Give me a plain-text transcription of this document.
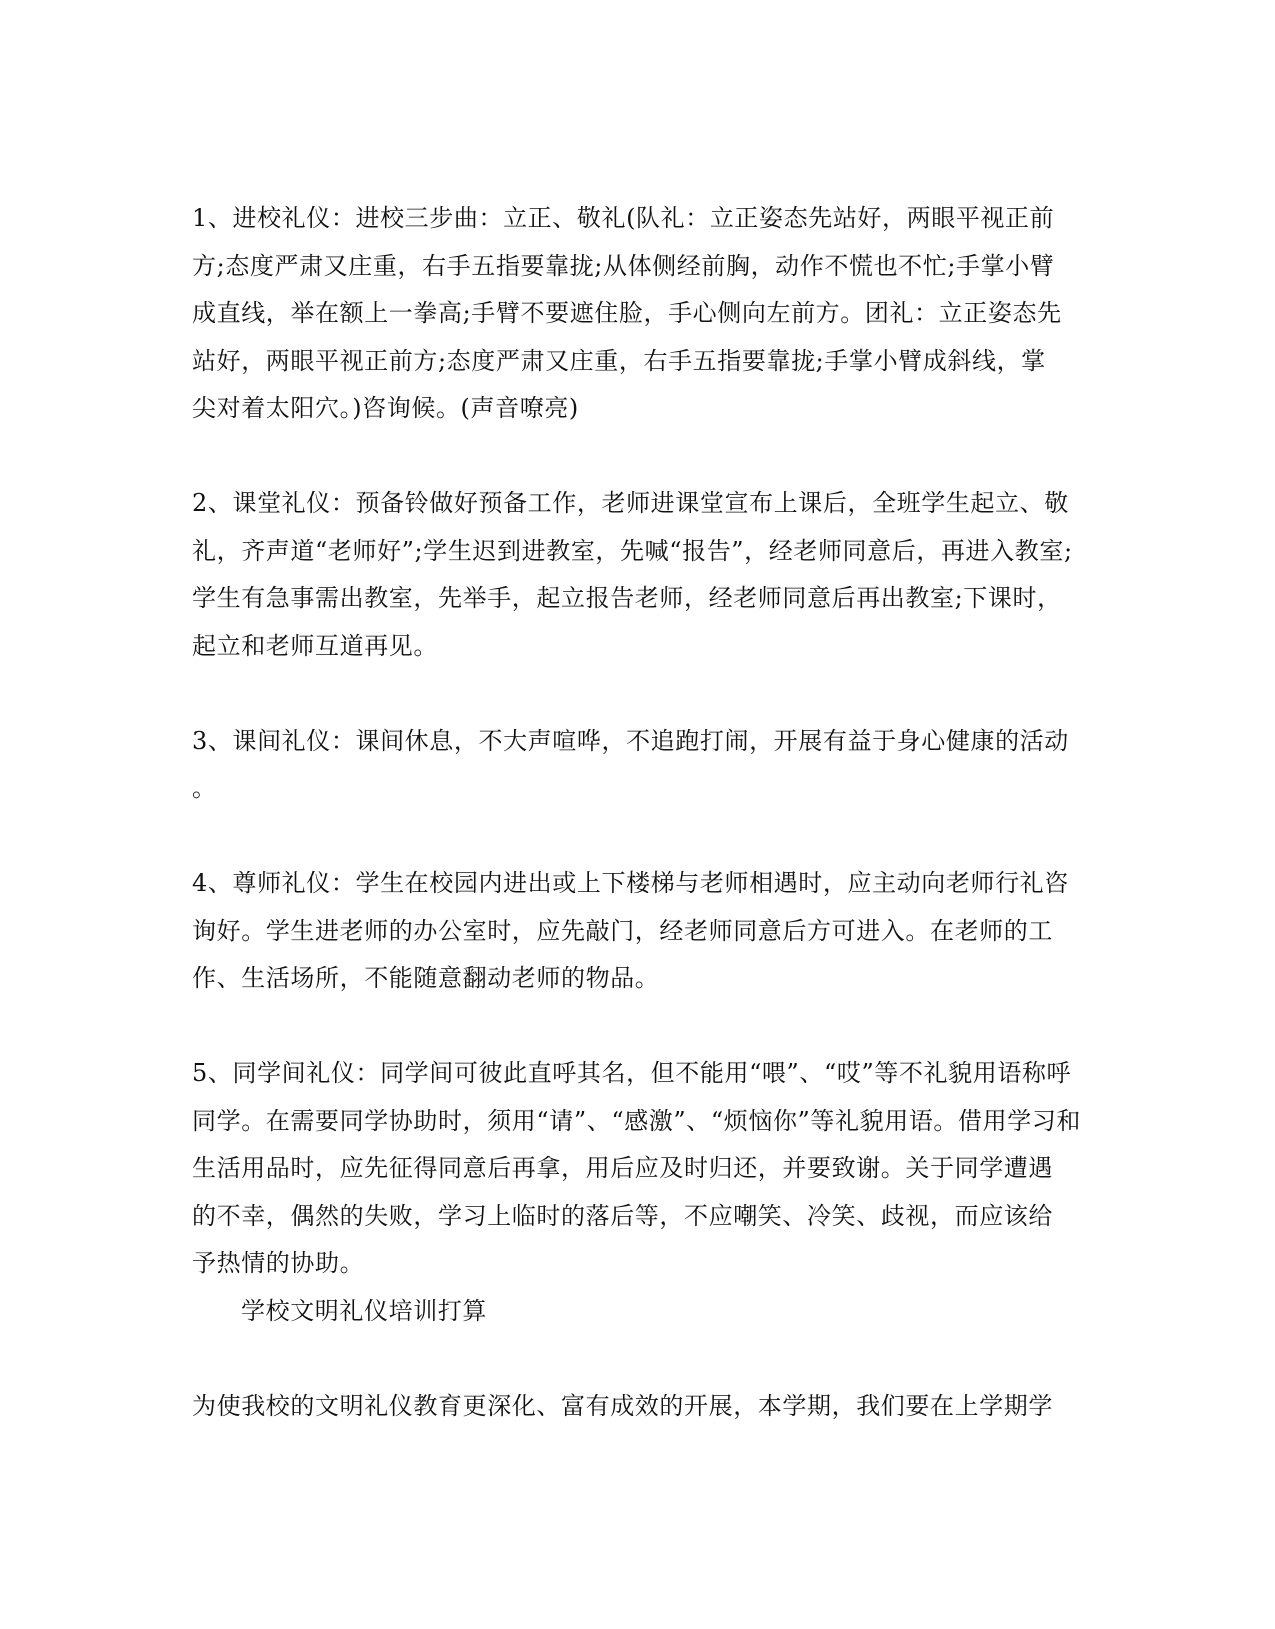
1、进校礼仪：进校三步曲：立正、敬礼(队礼：立正姿态先站好，两眼平视正前
方;态度严肃又庄重，右手五指要靠拢;从体侧经前胸，动作不慌也不忙;手掌小臂
成直线，举在额上一拳高;手臂不要遮住脸，手心侧向左前方。团礼：立正姿态先
站好，两眼平视正前方;态度严肃又庄重，右手五指要靠拢;手掌小臂成斜线，掌
尖对着太阳穴。)咨询候。(声音嘹亮)
2、课堂礼仪：预备铃做好预备工作，老师进课堂宣布上课后，全班学生起立、敬
礼，齐声道“老师好”;学生迟到进教室，先喊“报告”，经老师同意后，再进入教室;
学生有急事需出教室，先举手，起立报告老师，经老师同意后再出教室;下课时，
起立和老师互道再见。
3、课间礼仪：课间休息，不大声喧哗，不追跑打闹，开展有益于身心健康的活动
。
4、尊师礼仪：学生在校园内进出或上下楼梯与老师相遇时，应主动向老师行礼咨
询好。学生进老师的办公室时，应先敲门，经老师同意后方可进入。在老师的工
作、生活场所，不能随意翻动老师的物品。
5、同学间礼仪：同学间可彼此直呼其名，但不能用“喂”、“哎”等不礼貌用语称呼
同学。在需要同学协助时，须用“请”、“感激”、“烦恼你”等礼貌用语。借用学习和
生活用品时，应先征得同意后再拿，用后应及时归还，并要致谢。关于同学遭遇
的不幸，偶然的失败，学习上临时的落后等，不应嘲笑、冷笑、歧视，而应该给
予热情的协助。
学校文明礼仪培训打算
为使我校的文明礼仪教育更深化、富有成效的开展，本学期，我们要在上学期学
